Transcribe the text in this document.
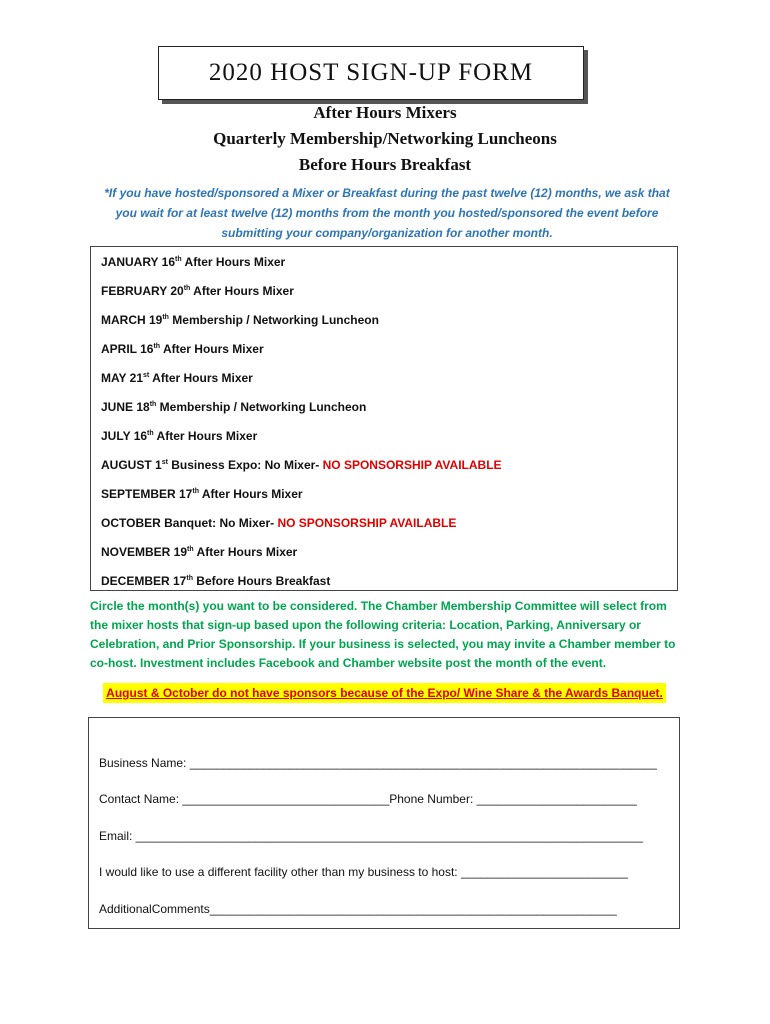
2020 HOST SIGN-UP FORM
After Hours Mixers
Quarterly Membership/Networking Luncheons
Before Hours Breakfast
*If you have hosted/sponsored a Mixer or Breakfast during the past twelve (12) months, we ask that
you wait for at least twelve (12) months from the month you hosted/sponsored the event before
submitting your company/organization for another month.
JANUARY 16th After Hours Mixer
FEBRUARY 20th After Hours Mixer
MARCH 19th Membership / Networking Luncheon
APRIL 16th After Hours Mixer
MAY 21st After Hours Mixer
JUNE 18th Membership / Networking Luncheon
JULY 16th After Hours Mixer
AUGUST 1st Business Expo: No Mixer- NO SPONSORSHIP AVAILABLE
SEPTEMBER 17th After Hours Mixer
OCTOBER Banquet: No Mixer- NO SPONSORSHIP AVAILABLE
NOVEMBER 19th After Hours Mixer
DECEMBER 17th Before Hours Breakfast
Circle the month(s) you want to be considered. The Chamber Membership Committee will select from
the mixer hosts that sign-up based upon the following criteria: Location, Parking, Anniversary or
Celebration, and Prior Sponsorship. If your business is selected, you may invite a Chamber member to
co-host. Investment includes Facebook and Chamber website post the month of the event.
August & October do not have sponsors because of the Expo/ Wine Share & the Awards Banquet.
Business Name: ______________________________________________________________________
Contact Name: _______________________________Phone Number: ________________________
Email: ____________________________________________________________________________
I would like to use a different facility other than my business to host: _________________________
AdditionalComments_____________________________________________________________
